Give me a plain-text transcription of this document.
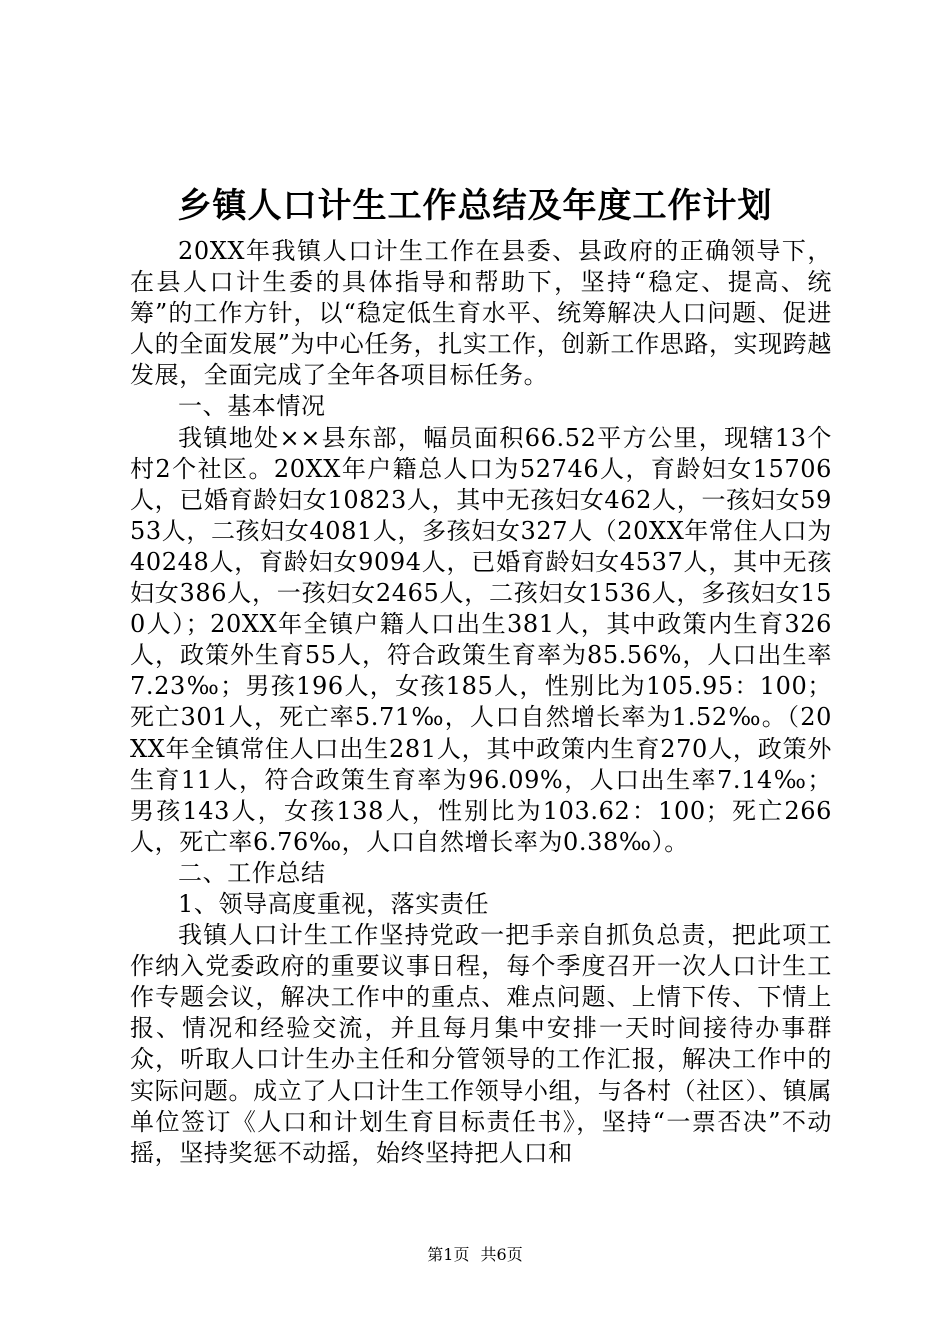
乡镇人口计生工作总结及年度工作计划

20XX年我镇人口计生工作在县委、县政府的正确领导下，在县人口计生委的具体指导和帮助下，坚持“稳定、提高、统筹”的工作方针，以“稳定低生育水平、统筹解决人口问题、促进人的全面发展”为中心任务，扎实工作，创新工作思路，实现跨越发展，全面完成了全年各项目标任务。

一、基本情况

我镇地处××县东部，幅员面积66.52平方公里，现辖13个村2个社区。20XX年户籍总人口为52746人，育龄妇女15706人，已婚育龄妇女10823人，其中无孩妇女462人，一孩妇女5953人，二孩妇女4081人，多孩妇女327人（20XX年常住人口为40248人，育龄妇女9094人，已婚育龄妇女4537人，其中无孩妇女386人，一孩妇女2465人，二孩妇女1536人，多孩妇女150人）；20XX年全镇户籍人口出生381人，其中政策内生育326人，政策外生育55人，符合政策生育率为85.56%，人口出生率7.23‰；男孩196人，女孩185人，性别比为105.95：100；死亡301人，死亡率5.71‰，人口自然增长率为1.52‰。（20XX年全镇常住人口出生281人，其中政策内生育270人，政策外生育11人，符合政策生育率为96.09%，人口出生率7.14‰；男孩143人，女孩138人，性别比为103.62：100；死亡266人，死亡率6.76‰，人口自然增长率为0.38‰）。

二、工作总结

1、领导高度重视，落实责任

我镇人口计生工作坚持党政一把手亲自抓负总责，把此项工作纳入党委政府的重要议事日程，每个季度召开一次人口计生工作专题会议，解决工作中的重点、难点问题、上情下传、下情上报、情况和经验交流，并且每月集中安排一天时间接待办事群众，听取人口计生办主任和分管领导的工作汇报，解决工作中的实际问题。成立了人口计生工作领导小组，与各村（社区）、镇属单位签订《人口和计划生育目标责任书》，坚持“一票否决”不动摇，坚持奖惩不动摇，始终坚持把人口和

第1页 共6页
